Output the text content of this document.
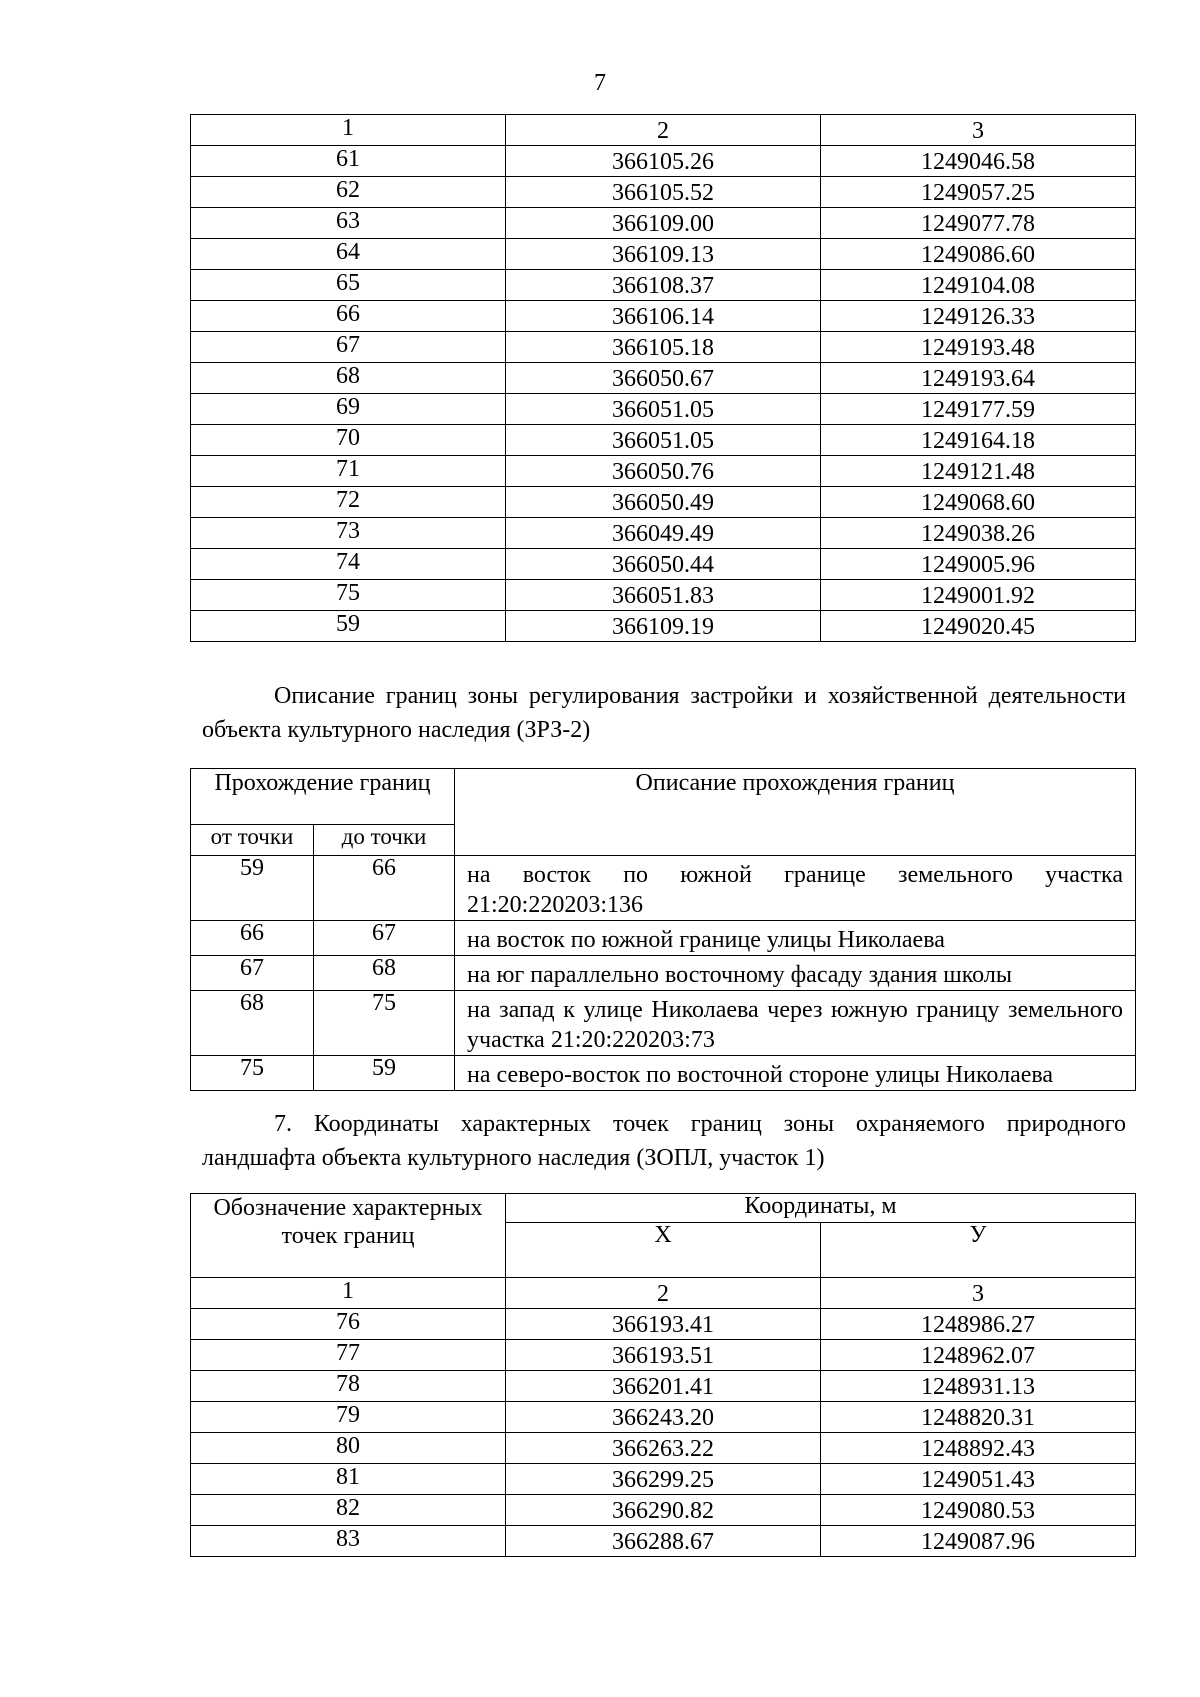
7
1	2	3

61	366105.26	1249046.58

62	366105.52	1249057.25

63	366109.00	1249077.78

64	366109.13	1249086.60

65	366108.37	1249104.08

66	366106.14	1249126.33

67	366105.18	1249193.48

68	366050.67	1249193.64

69	366051.05	1249177.59

70	366051.05	1249164.18

71	366050.76	1249121.48

72	366050.49	1249068.60

73	366049.49	1249038.26

74	366050.44	1249005.96

75	366051.83	1249001.92

59	366109.19	1249020.45
Описание границ зоны регулирования застройки и хозяйственной деятельности объекта культурного наследия (ЗРЗ-2)
Прохождение границ		Описание прохождения границ
от точки	до точки	
59	66	на восток по южной границе земельного участка 21:20:220203:136
66	67	на восток по южной границе улицы Николаева
67	68	на юг параллельно восточному фасаду здания школы
68	75	на запад к улице Николаева через южную границу земельного участка 21:20:220203:73
75	59	на северо-восток по восточной стороне улицы Николаева
7. Координаты характерных точек границ зоны охраняемого природного ландшафта объекта культурного наследия (ЗОПЛ, участок 1)
Обозначение характерных точек границ	Координаты, м	
	Х	У

1	2	3

76	366193.41	1248986.27

77	366193.51	1248962.07

78	366201.41	1248931.13

79	366243.20	1248820.31

80	366263.22	1248892.43

81	366299.25	1249051.43

82	366290.82	1249080.53

83	366288.67	1249087.96
